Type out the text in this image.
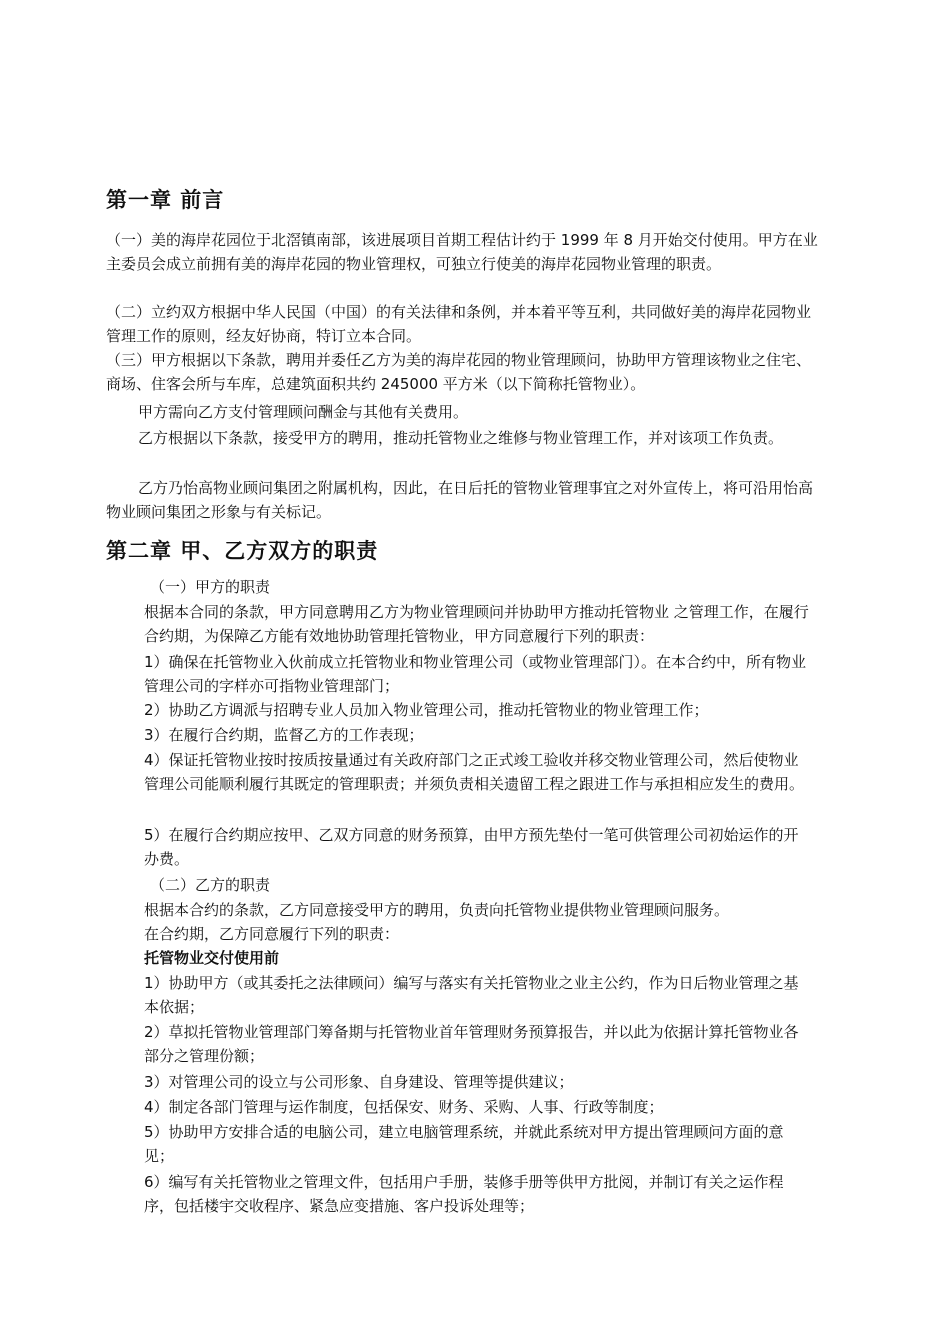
第一章 前言

（一）美的海岸花园位于北滘镇南部，该进展项目首期工程估计约于 1999 年 8 月开始交付使用。甲方在业主委员会成立前拥有美的海岸花园的物业管理权，可独立行使美的海岸花园物业管理的职责。

（二）立约双方根据中华人民国（中国）的有关法律和条例，并本着平等互利，共同做好美的海岸花园物业管理工作的原则，经友好协商，特订立本合同。

（三）甲方根据以下条款，聘用并委任乙方为美的海岸花园的物业管理顾问，协助甲方管理该物业之住宅、商场、住客会所与车库，总建筑面积共约 245000 平方米（以下简称托管物业）。

甲方需向乙方支付管理顾问酬金与其他有关费用。

乙方根据以下条款，接受甲方的聘用，推动托管物业之维修与物业管理工作，并对该项工作负责。

乙方乃怡高物业顾问集团之附属机构，因此，在日后托的管物业管理事宜之对外宣传上，将可沿用怡高物业顾问集团之形象与有关标记。

第二章 甲、乙方双方的职责

（一）甲方的职责

根据本合同的条款，甲方同意聘用乙方为物业管理顾问并协助甲方推动托管物业 之管理工作，在履行合约期，为保障乙方能有效地协助管理托管物业，甲方同意履行下列的职责：

1）确保在托管物业入伙前成立托管物业和物业管理公司（或物业管理部门）。在本合约中，所有物业管理公司的字样亦可指物业管理部门；

2）协助乙方调派与招聘专业人员加入物业管理公司，推动托管物业的物业管理工作；

3）在履行合约期，监督乙方的工作表现；

4）保证托管物业按时按质按量通过有关政府部门之正式竣工验收并移交物业管理公司，然后使物业管理公司能顺利履行其既定的管理职责；并须负责相关遗留工程之跟进工作与承担相应发生的费用。

5）在履行合约期应按甲、乙双方同意的财务预算，由甲方预先垫付一笔可供管理公司初始运作的开办费。

（二）乙方的职责

根据本合约的条款，乙方同意接受甲方的聘用，负责向托管物业提供物业管理顾问服务。

在合约期，乙方同意履行下列的职责：

托管物业交付使用前

1）协助甲方（或其委托之法律顾问）编写与落实有关托管物业之业主公约，作为日后物业管理之基本依据；

2）草拟托管物业管理部门筹备期与托管物业首年管理财务预算报告，并以此为依据计算托管物业各部分之管理份额；

3）对管理公司的设立与公司形象、自身建设、管理等提供建议；

4）制定各部门管理与运作制度，包括保安、财务、采购、人事、行政等制度；

5）协助甲方安排合适的电脑公司，建立电脑管理系统，并就此系统对甲方提出管理顾问方面的意见；

6）编写有关托管物业之管理文件，包括用户手册，装修手册等供甲方批阅，并制订有关之运作程序，包括楼宇交收程序、紧急应变措施、客户投诉处理等；
